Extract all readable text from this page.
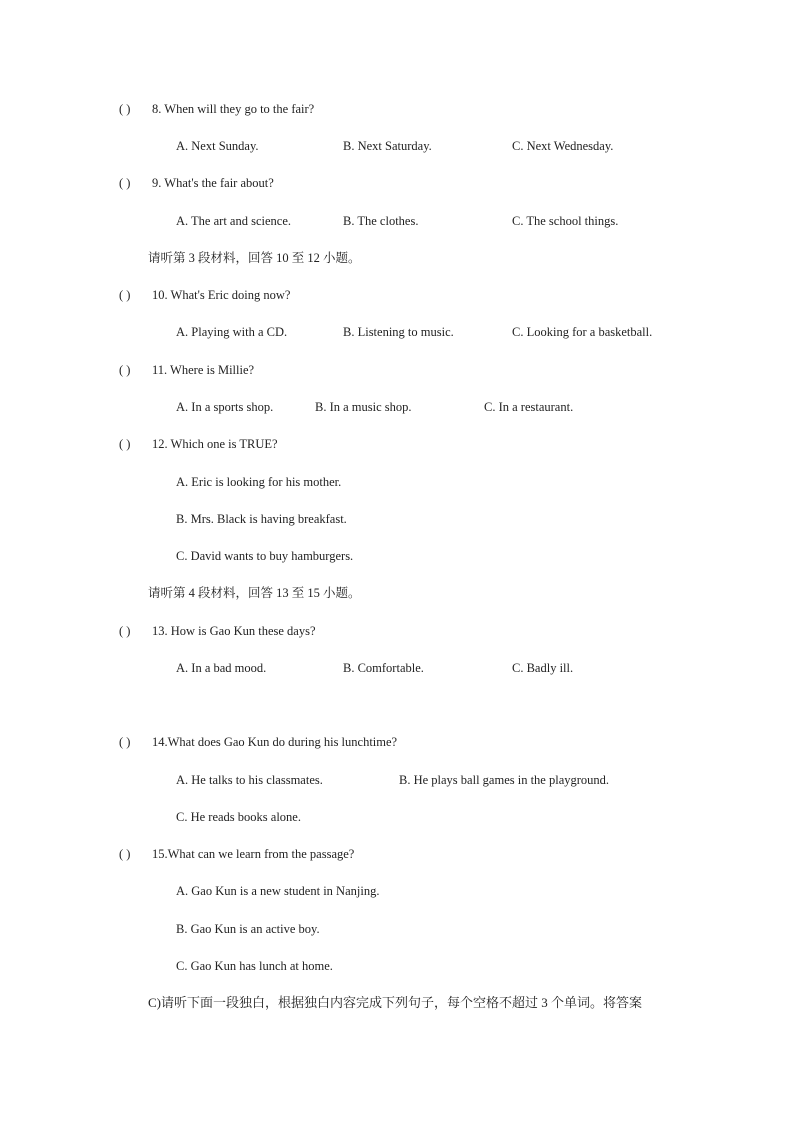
( ) 8. When will they go to the fair?
A. Next Sunday.	B. Next Saturday.	C. Next Wednesday.
( ) 9. What's the fair about?
A. The art and science.	B. The clothes.	C. The school things.
请听第 3 段材料，回答 10 至 12 小题。
( ) 10. What's Eric doing now?
A. Playing with a CD.	B. Listening to music.	C. Looking for a basketball.
( ) 11. Where is Millie?
A. In a sports shop.	B. In a music shop.	C. In a restaurant.
( ) 12. Which one is TRUE?
A. Eric is looking for his mother.
B. Mrs. Black is having breakfast.
C. David wants to buy hamburgers.
请听第 4 段材料，回答 13 至 15 小题。
( ) 13. How is Gao Kun these days?
A. In a bad mood.	B. Comfortable.	C. Badly ill.
( ) 14.What does Gao Kun do during his lunchtime?
A. He talks to his classmates.	B. He plays ball games in the playground.
C. He reads books alone.
( ) 15.What can we learn from the passage?
A. Gao Kun is a new student in Nanjing.
B. Gao Kun is an active boy.
C. Gao Kun has lunch at home.
C)请听下面一段独白，根据独白内容完成下列句子，每个空格不超过 3 个单词。将答案
